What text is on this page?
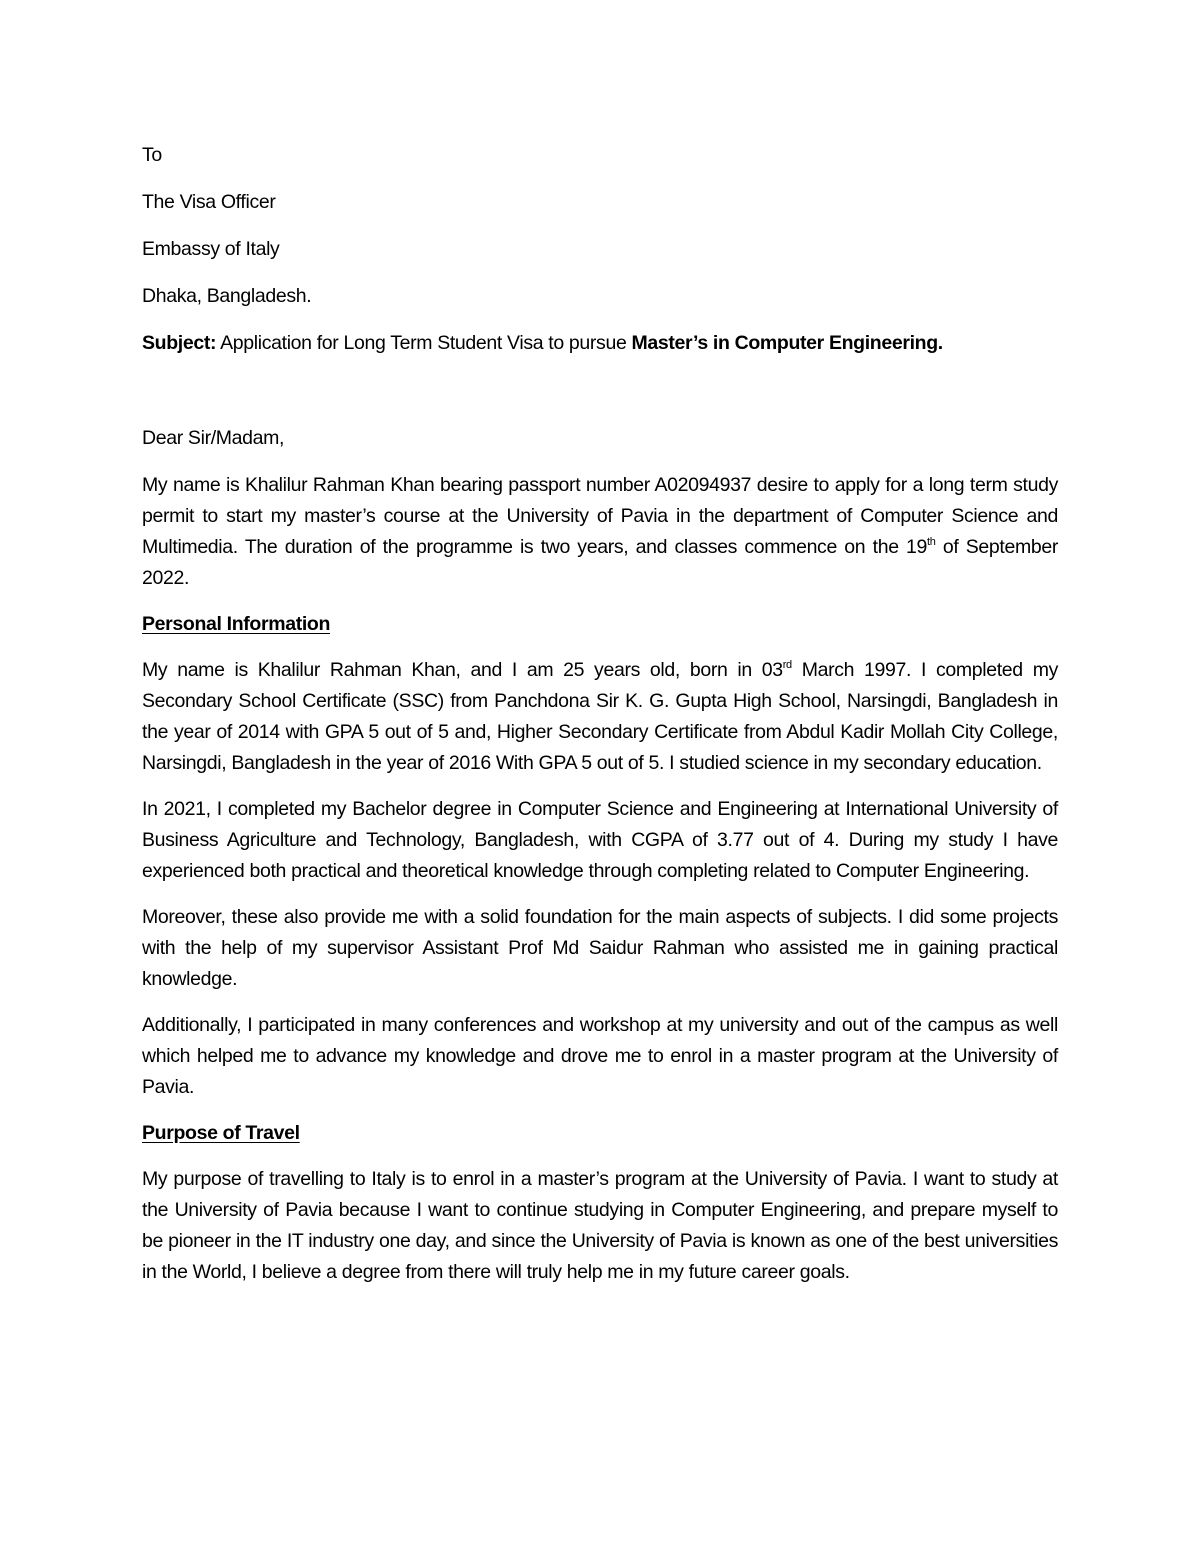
To

The Visa Officer

Embassy of Italy

Dhaka, Bangladesh.

Subject: Application for Long Term Student Visa to pursue Master’s in Computer Engineering.

Dear Sir/Madam,

My name is Khalilur Rahman Khan bearing passport number A02094937 desire to apply for a long term study permit to start my master’s course at the University of Pavia in the department of Computer Science and Multimedia. The duration of the programme is two years, and classes commence on the 19th of September 2022.

Personal Information

My name is Khalilur Rahman Khan, and I am 25 years old, born in 03rd March 1997. I completed my Secondary School Certificate (SSC) from Panchdona Sir K. G. Gupta High School, Narsingdi, Bangladesh in the year of 2014 with GPA 5 out of 5 and, Higher Secondary Certificate from Abdul Kadir Mollah City College, Narsingdi, Bangladesh in the year of 2016 With GPA 5 out of 5. I studied science in my secondary education.

In 2021, I completed my Bachelor degree in Computer Science and Engineering at International University of Business Agriculture and Technology, Bangladesh, with CGPA of 3.77 out of 4. During my study I have experienced both practical and theoretical knowledge through completing related to Computer Engineering.

Moreover, these also provide me with a solid foundation for the main aspects of subjects. I did some projects with the help of my supervisor Assistant Prof Md Saidur Rahman who assisted me in gaining practical knowledge.

Additionally, I participated in many conferences and workshop at my university and out of the campus as well which helped me to advance my knowledge and drove me to enrol in a master program at the University of Pavia.

Purpose of Travel

My purpose of travelling to Italy is to enrol in a master’s program at the University of Pavia. I want to study at the University of Pavia because I want to continue studying in Computer Engineering, and prepare myself to be pioneer in the IT industry one day, and since the University of Pavia is known as one of the best universities in the World, I believe a degree from there will truly help me in my future career goals.
